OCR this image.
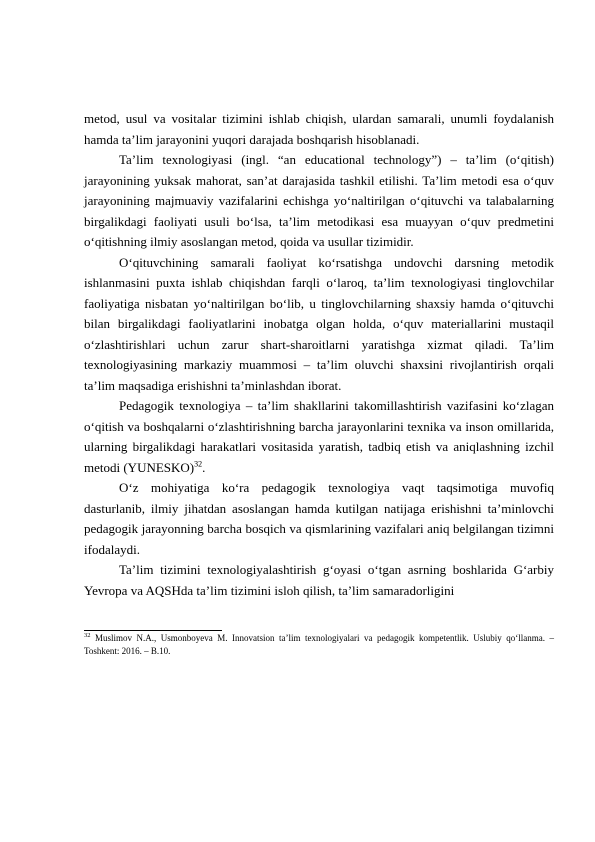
metod, usul va vositalar tizimini ishlab chiqish, ulardan samarali, unumli foydalanish hamda ta’lim jarayonini yuqori darajada boshqarish hisoblanadi.

Ta’lim texnologiyasi (ingl. “an educational technology”) – ta’lim (o‘qitish) jarayonining yuksak mahorat, san’at darajasida tashkil etilishi. Ta’lim metodi esa o‘quv jarayonining majmuaviy vazifalarini echishga yo‘naltirilgan o‘qituvchi va talabalarning birgalikdagi faoliyati usuli bo‘lsa, ta’lim metodikasi esa muayyan o‘quv predmetini o‘qitishning ilmiy asoslangan metod, qoida va usullar tizimidir.

O‘qituvchining samarali faoliyat ko‘rsatishga undovchi darsning metodik ishlanmasini puxta ishlab chiqishdan farqli o‘laroq, ta’lim texnologiyasi tinglovchilar faoliyatiga nisbatan yo‘naltirilgan bo‘lib, u tinglovchilarning shaxsiy hamda o‘qituvchi bilan birgalikdagi faoliyatlarini inobatga olgan holda, o‘quv materiallarini mustaqil o‘zlashtirishlari uchun zarur shart-sharoitlarni yaratishga xizmat qiladi. Ta’lim texnologiyasining markaziy muammosi – ta’lim oluvchi shaxsini rivojlantirish orqali ta’lim maqsadiga erishishni ta’minlashdan iborat.

Pedagogik texnologiya – ta’lim shakllarini takomillashtirish vazifasini ko‘zlagan o‘qitish va boshqalarni o‘zlashtirishning barcha jarayonlarini texnika va inson omillarida, ularning birgalikdagi harakatlari vositasida yaratish, tadbiq etish va aniqlashning izchil metodi (YUNESKO)$^{32}$.

O‘z mohiyatiga ko‘ra pedagogik texnologiya vaqt taqsimotiga muvofiq dasturlanib, ilmiy jihatdan asoslangan hamda kutilgan natijaga erishishni ta’minlovchi pedagogik jarayonning barcha bosqich va qismlarining vazifalari aniq belgilangan tizimni ifodalaydi.

Ta’lim tizimini texnologiyalashtirish g‘oyasi o‘tgan asrning boshlarida G‘arbiy Yevropa va AQSHda ta’lim tizimini isloh qilish, ta’lim samaradorligini

$^{32}$ Muslimov N.A., Usmonboyeva M. Innovatsion ta’lim texnologiyalari va pedagogik kompetentlik. Uslubiy qo‘llanma. –Toshkent: 2016. – B.10.
